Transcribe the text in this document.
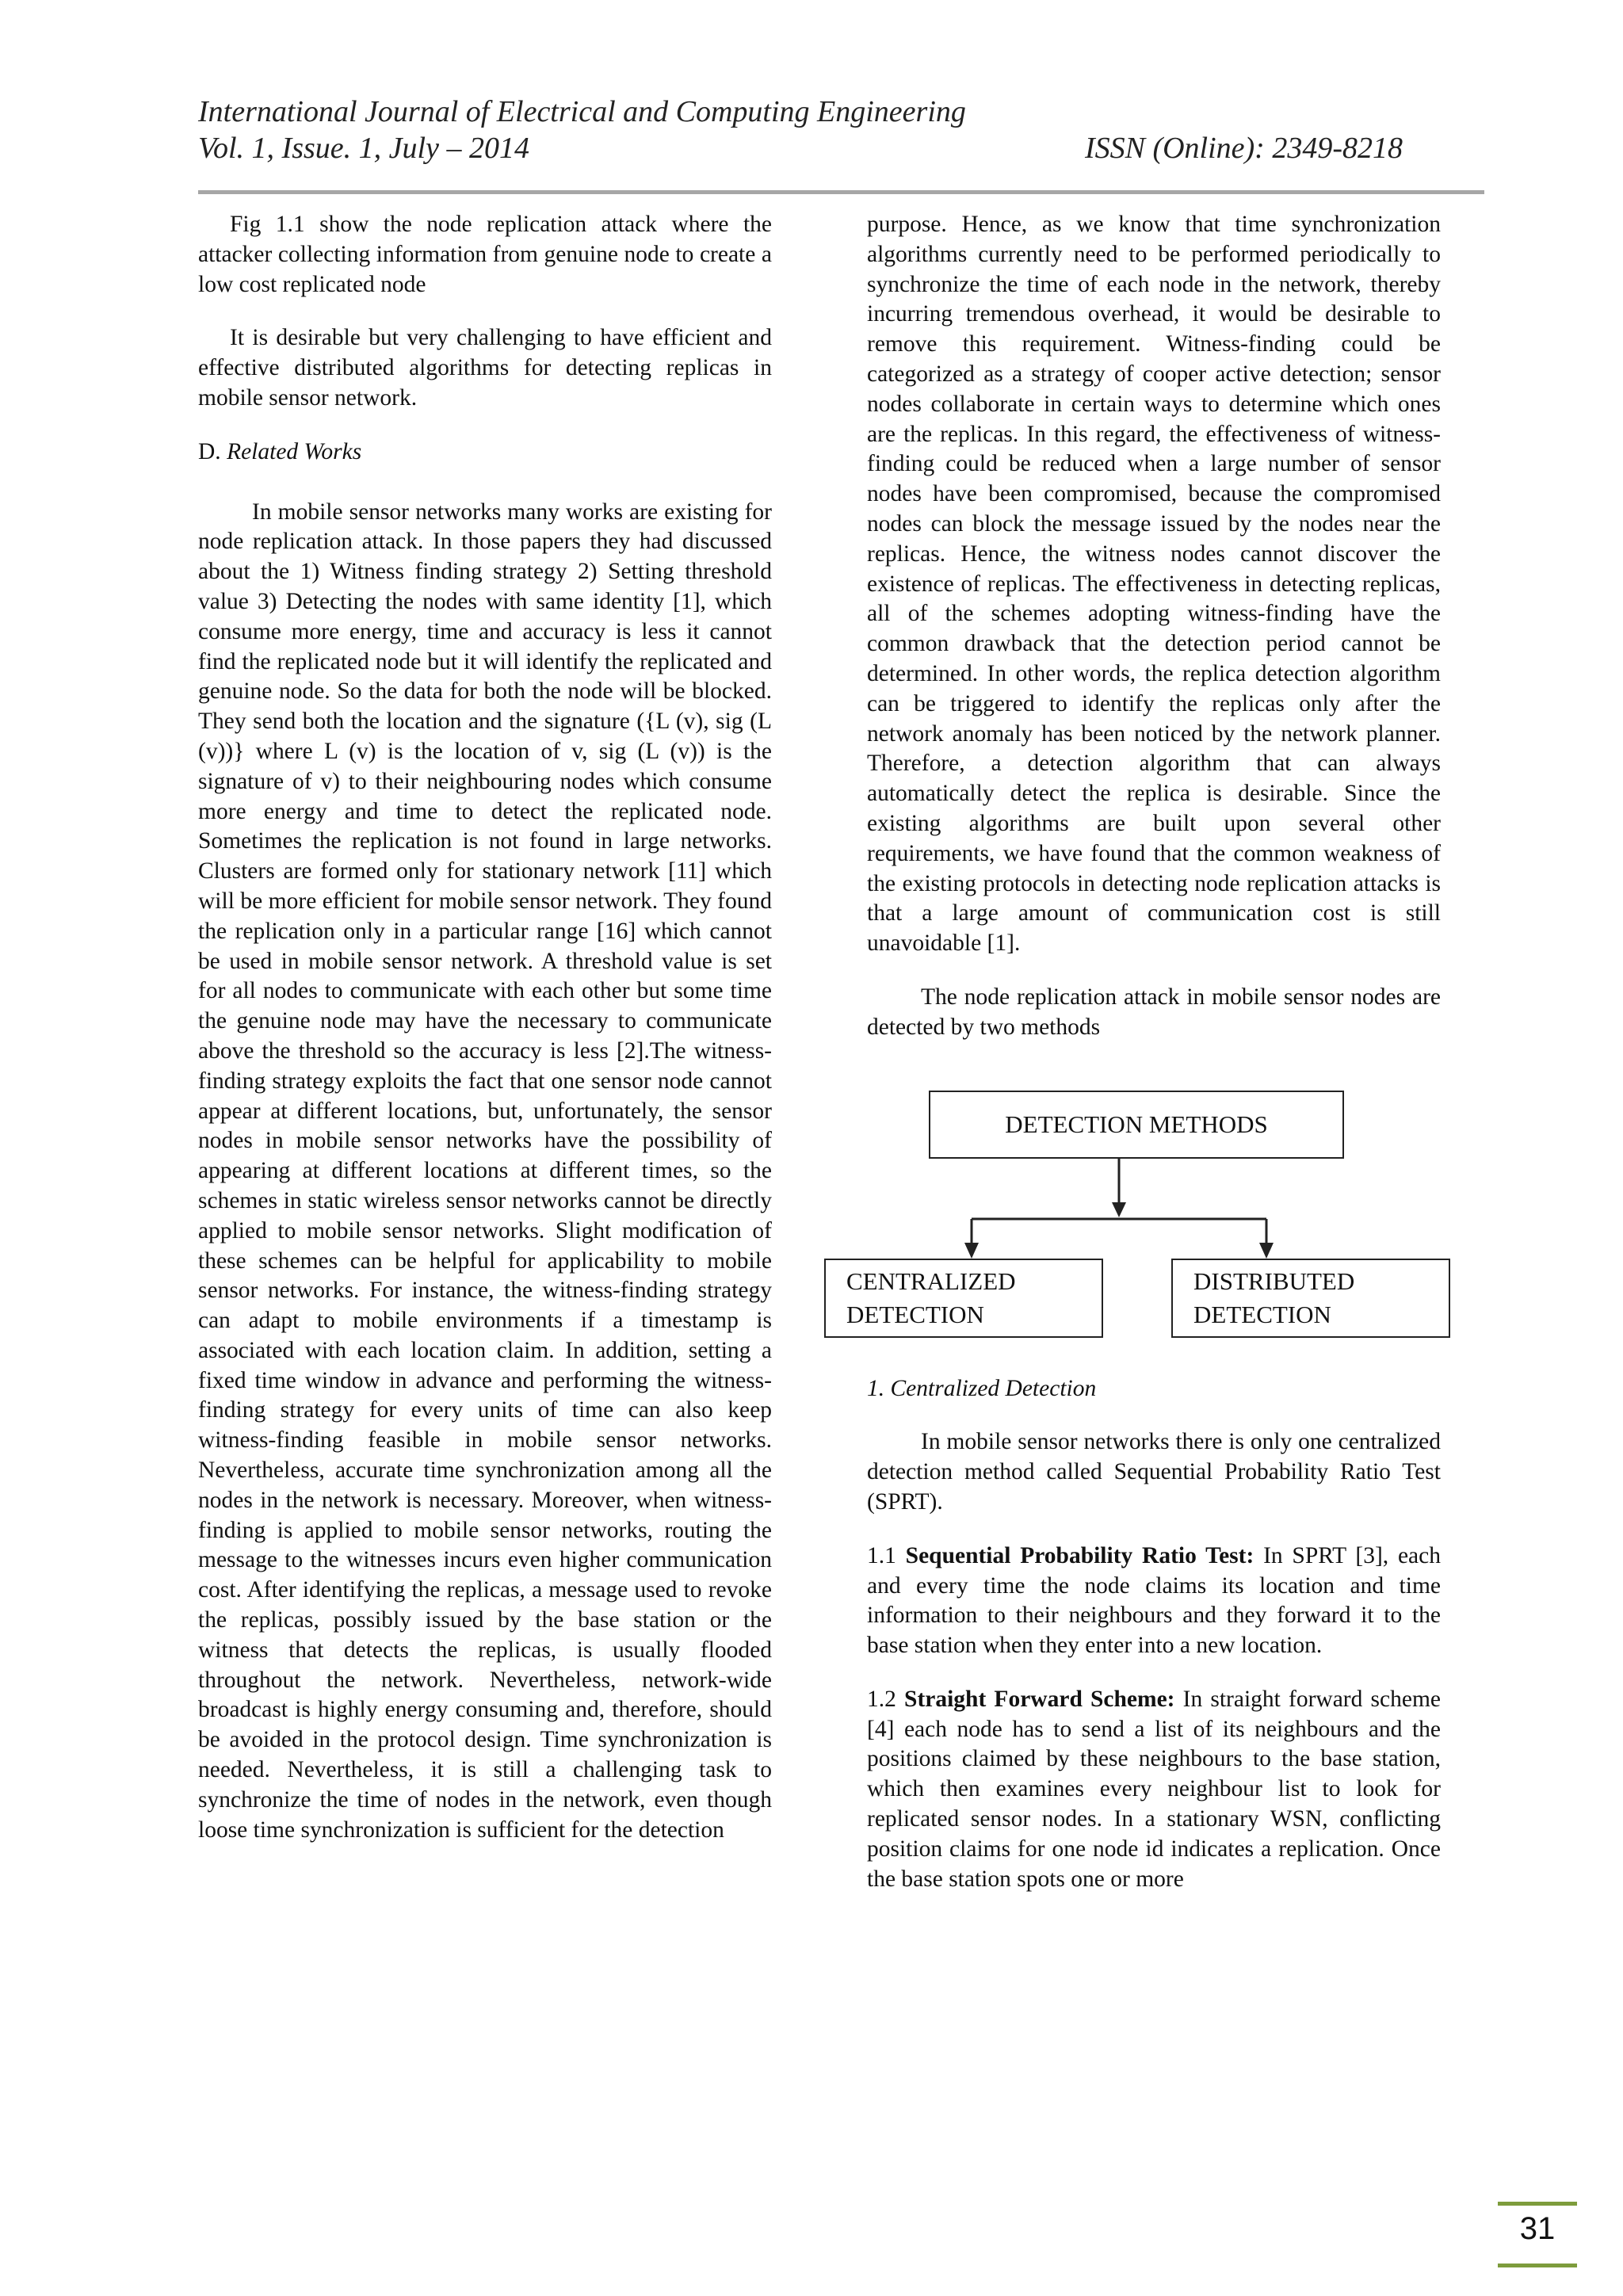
International Journal of Electrical and Computing Engineering
Vol. 1, Issue. 1, July – 2014	ISSN (Online): 2349-8218

Fig 1.1 show the node replication attack where the attacker collecting information from genuine node to create a low cost replicated node

It is desirable but very challenging to have efficient and effective distributed algorithms for detecting replicas in mobile sensor network.

D. Related Works

In mobile sensor networks many works are existing for node replication attack. In those papers they had discussed about the 1) Witness finding strategy 2) Setting threshold value 3) Detecting the nodes with same identity [1], which consume more energy, time and accuracy is less it cannot find the replicated node but it will identify the replicated and genuine node. So the data for both the node will be blocked. They send both the location and the signature ({L (v), sig (L (v))} where L (v) is the location of v, sig (L (v)) is the signature of v) to their neighbouring nodes which consume more energy and time to detect the replicated node. Sometimes the replication is not found in large networks. Clusters are formed only for stationary network [11] which will be more efficient for mobile sensor network. They found the replication only in a particular range [16] which cannot be used in mobile sensor network. A threshold value is set for all nodes to communicate with each other but some time the genuine node may have the necessary to communicate above the threshold so the accuracy is less [2].The witness-finding strategy exploits the fact that one sensor node cannot appear at different locations, but, unfortunately, the sensor nodes in mobile sensor networks have the possibility of appearing at different locations at different times, so the schemes in static wireless sensor networks cannot be directly applied to mobile sensor networks. Slight modification of these schemes can be helpful for applicability to mobile sensor networks. For instance, the witness-finding strategy can adapt to mobile environments if a timestamp is associated with each location claim. In addition, setting a fixed time window in advance and performing the witness-finding strategy for every units of time can also keep witness-finding feasible in mobile sensor networks. Nevertheless, accurate time synchronization among all the nodes in the network is necessary. Moreover, when witness-finding is applied to mobile sensor networks, routing the message to the witnesses incurs even higher communication cost. After identifying the replicas, a message used to revoke the replicas, possibly issued by the base station or the witness that detects the replicas, is usually flooded throughout the network. Nevertheless, network-wide broadcast is highly energy consuming and, therefore, should be avoided in the protocol design. Time synchronization is needed. Nevertheless, it is still a challenging task to synchronize the time of nodes in the network, even though loose time synchronization is sufficient for the detection

purpose. Hence, as we know that time synchronization algorithms currently need to be performed periodically to synchronize the time of each node in the network, thereby incurring tremendous overhead, it would be desirable to remove this requirement. Witness-finding could be categorized as a strategy of cooper active detection; sensor nodes collaborate in certain ways to determine which ones are the replicas. In this regard, the effectiveness of witness-finding could be reduced when a large number of sensor nodes have been compromised, because the compromised nodes can block the message issued by the nodes near the replicas. Hence, the witness nodes cannot discover the existence of replicas. The effectiveness in detecting replicas, all of the schemes adopting witness-finding have the common drawback that the detection period cannot be determined. In other words, the replica detection algorithm can be triggered to identify the replicas only after the network anomaly has been noticed by the network planner. Therefore, a detection algorithm that can always automatically detect the replica is desirable. Since the existing algorithms are built upon several other requirements, we have found that the common weakness of the existing protocols in detecting node replication attacks is that a large amount of communication cost is still unavoidable [1].

The node replication attack in mobile sensor nodes are detected by two methods

DETECTION METHODS
CENTRALIZED
DETECTION
DISTRIBUTED
DETECTION
1. Centralized Detection

In mobile sensor networks there is only one centralized detection method called Sequential Probability Ratio Test (SPRT).

1.1 Sequential Probability Ratio Test: In SPRT [3], each and every time the node claims its location and time information to their neighbours and they forward it to the base station when they enter into a new location.

1.2 Straight Forward Scheme: In straight forward scheme [4] each node has to send a list of its neighbours and the positions claimed by these neighbours to the base station, which then examines every neighbour list to look for replicated sensor nodes. In a stationary WSN, conflicting position claims for one node id indicates a replication. Once the base station spots one or more

31
